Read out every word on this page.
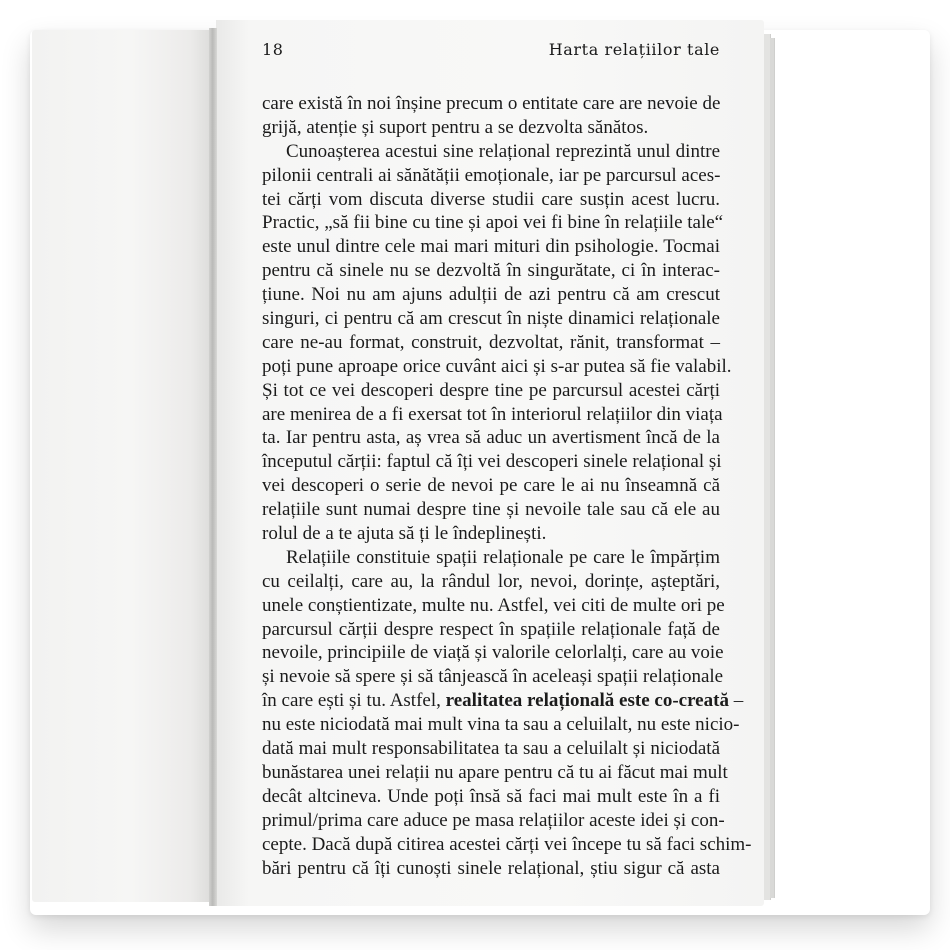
18	Harta relațiilor tale
care există în noi înșine precum o entitate care are nevoie de
grijă, atenție și suport pentru a se dezvolta sănătos.
Cunoașterea acestui sine relațional reprezintă unul dintre
pilonii centrali ai sănătății emoționale, iar pe parcursul aces-
tei cărți vom discuta diverse studii care susțin acest lucru.
Practic, „să fii bine cu tine și apoi vei fi bine în relațiile tale“
este unul dintre cele mai mari mituri din psihologie. Tocmai
pentru că sinele nu se dezvoltă în singurătate, ci în interac-
țiune. Noi nu am ajuns adulții de azi pentru că am crescut
singuri, ci pentru că am crescut în niște dinamici relaționale
care ne-au format, construit, dezvoltat, rănit, transformat –
poți pune aproape orice cuvânt aici și s-ar putea să fie valabil.
Și tot ce vei descoperi despre tine pe parcursul acestei cărți
are menirea de a fi exersat tot în interiorul relațiilor din viața
ta. Iar pentru asta, aș vrea să aduc un avertisment încă de la
începutul cărții: faptul că îți vei descoperi sinele relațional și
vei descoperi o serie de nevoi pe care le ai nu înseamnă că
relațiile sunt numai despre tine și nevoile tale sau că ele au
rolul de a te ajuta să ți le îndeplinești.
Relațiile constituie spații relaționale pe care le împărțim
cu ceilalți, care au, la rândul lor, nevoi, dorințe, așteptări,
unele conștientizate, multe nu. Astfel, vei citi de multe ori pe
parcursul cărții despre respect în spațiile relaționale față de
nevoile, principiile de viață și valorile celorlalți, care au voie
și nevoie să spere și să tânjească în aceleași spații relaționale
în care ești și tu. Astfel, realitatea relațională este co-creată –
nu este niciodată mai mult vina ta sau a celuilalt, nu este nicio-
dată mai mult responsabilitatea ta sau a celuilalt și niciodată
bunăstarea unei relații nu apare pentru că tu ai făcut mai mult
decât altcineva. Unde poți însă să faci mai mult este în a fi
primul/prima care aduce pe masa relațiilor aceste idei și con-
cepte. Dacă după citirea acestei cărți vei începe tu să faci schim-
bări pentru că îți cunoști sinele relațional, știu sigur că asta
